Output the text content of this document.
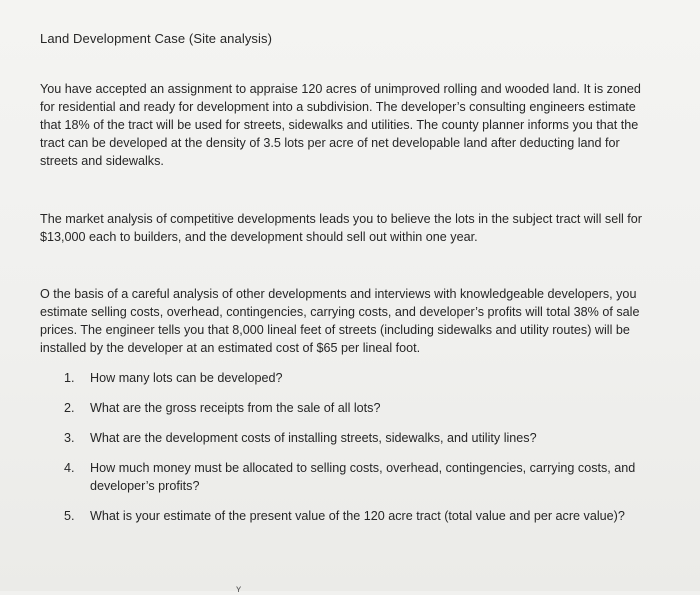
Land Development Case (Site analysis)

You have accepted an assignment to appraise 120 acres of unimproved rolling and wooded land. It is zoned for residential and ready for development into a subdivision. The developer’s consulting engineers estimate that 18% of the tract will be used for streets, sidewalks and utilities. The county planner informs you that the tract can be developed at the density of 3.5 lots per acre of net developable land after deducting land for streets and sidewalks.

The market analysis of competitive developments leads you to believe the lots in the subject tract will sell for $13,000 each to builders, and the development should sell out within one year.

O the basis of a careful analysis of other developments and interviews with knowledgeable developers, you estimate selling costs, overhead, contingencies, carrying costs, and developer’s profits will total 38% of sale prices. The engineer tells you that 8,000 lineal feet of streets (including sidewalks and utility routes) will be installed by the developer at an estimated cost of $65 per lineal foot.

1.	How many lots can be developed?
2.	What are the gross receipts from the sale of all lots?
3.	What are the development costs of installing streets, sidewalks, and utility lines?
4.	How much money must be allocated to selling costs, overhead, contingencies, carrying costs, and developer’s profits?
5.	What is your estimate of the present value of the 120 acre tract (total value and per acre value)?
ʏ
